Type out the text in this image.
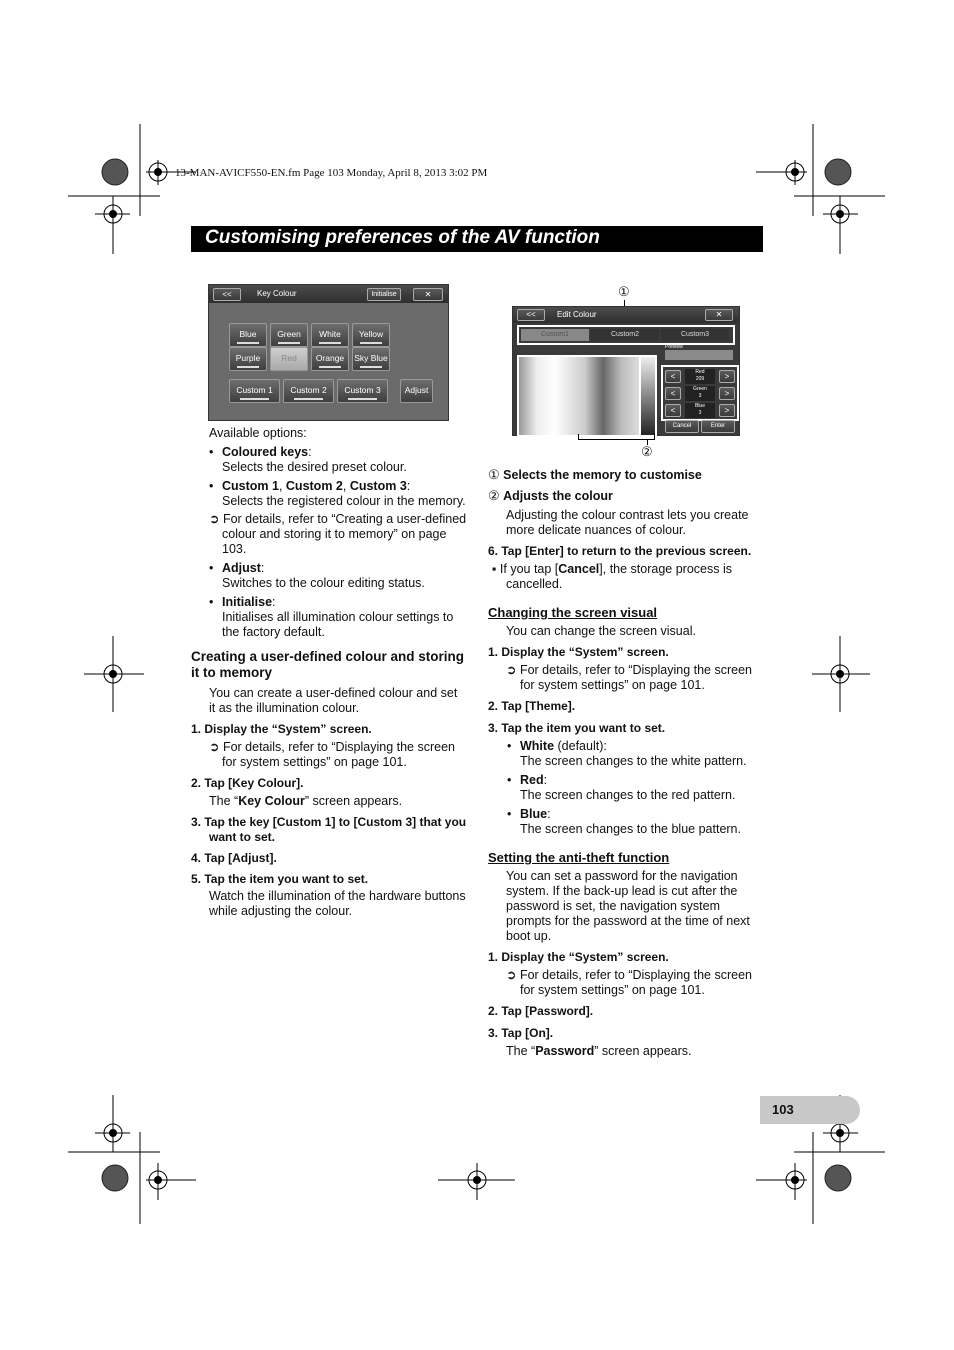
13-MAN-AVICF550-EN.fm Page 103 Monday, April 8, 2013 3:02 PM
Customising preferences of the AV function
<<	Key Colour	Initialise	✕
Blue	Green	White	Yellow
Purple	Red	Orange	Sky Blue
Custom 1	Custom 2	Custom 3	Adjust
①
<<	Edit Colour	✕
Custom1	Custom2	Custom3
Preview
<	Red
209	>
<	Green
3	>
<	Blue
3	>
Cancel	Enter
②

Available options:

• Coloured keys:

Selects the desired preset colour.

• Custom 1, Custom 2, Custom 3:

Selects the registered colour in the memory.

➲ For details, refer to “Creating a user-defined colour and storing it to memory” on page 103.

• Adjust:

Switches to the colour editing status.

• Initialise:

Initialises all illumination colour settings to the factory default.

Creating a user-defined colour and storing it to memory

You can create a user-defined colour and set it as the illumination colour.

1. Display the “System” screen.

➲ For details, refer to “Displaying the screen for system settings” on page 101.

2. Tap [Key Colour].

The “Key Colour” screen appears.

3. Tap the key [Custom 1] to [Custom 3] that you want to set.

4. Tap [Adjust].

5. Tap the item you want to set.

Watch the illumination of the hardware buttons while adjusting the colour.

① Selects the memory to customise

② Adjusts the colour

Adjusting the colour contrast lets you create more delicate nuances of colour.

6. Tap [Enter] to return to the previous screen.

▪ If you tap [Cancel], the storage process is cancelled.

Changing the screen visual

You can change the screen visual.

1. Display the “System” screen.

➲ For details, refer to “Displaying the screen for system settings” on page 101.

2. Tap [Theme].

3. Tap the item you want to set.

• White (default):

The screen changes to the white pattern.

• Red:

The screen changes to the red pattern.

• Blue:

The screen changes to the blue pattern.

Setting the anti-theft function

You can set a password for the navigation system. If the back-up lead is cut after the password is set, the navigation system prompts for the password at the time of next boot up.

1. Display the “System” screen.

➲ For details, refer to “Displaying the screen for system settings” on page 101.

2. Tap [Password].

3. Tap [On].

The “Password” screen appears.

103
